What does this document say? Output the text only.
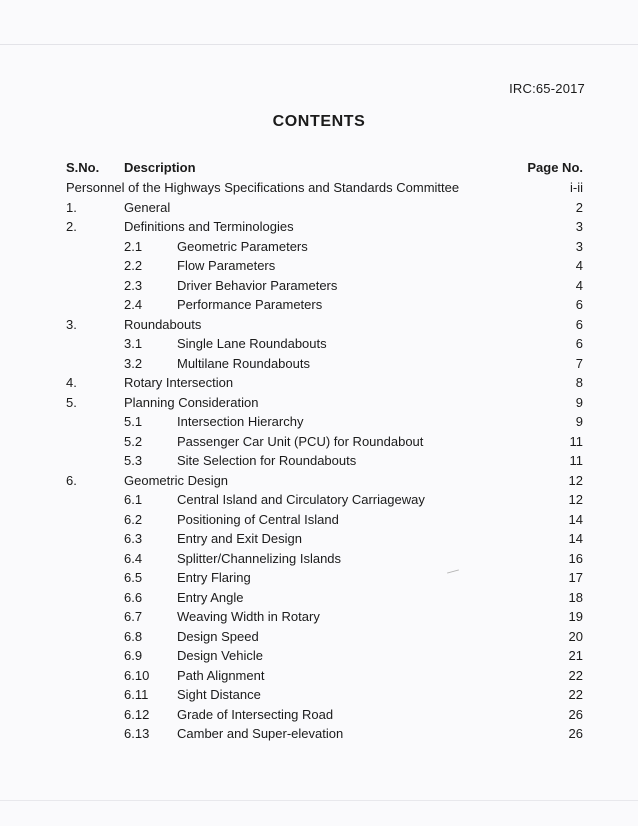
IRC:65-2017
CONTENTS
S.No. Description	Page No.
Personnel of the Highways Specifications and Standards Committee	i-ii
1.	General	2
2.	Definitions and Terminologies	3
2.1	Geometric Parameters	3
2.2	Flow Parameters	4
2.3	Driver Behavior Parameters	4
2.4	Performance Parameters	6
3.	Roundabouts	6
3.1	Single Lane Roundabouts	6
3.2	Multilane Roundabouts	7
4.	Rotary Intersection	8
5.	Planning Consideration	9
5.1	Intersection Hierarchy	9
5.2	Passenger Car Unit (PCU) for Roundabout	11
5.3	Site Selection for Roundabouts	11
6.	Geometric Design	12
6.1	Central Island and Circulatory Carriageway	12
6.2	Positioning of Central Island	14
6.3	Entry and Exit Design	14
6.4	Splitter/Channelizing Islands	16
6.5	Entry Flaring	17
6.6	Entry Angle	18
6.7	Weaving Width in Rotary	19
6.8	Design Speed	20
6.9	Design Vehicle	21
6.10 Path Alignment	22
6.11 Sight Distance	22
6.12 Grade of Intersecting Road	26
6.13 Camber and Super-elevation	26
